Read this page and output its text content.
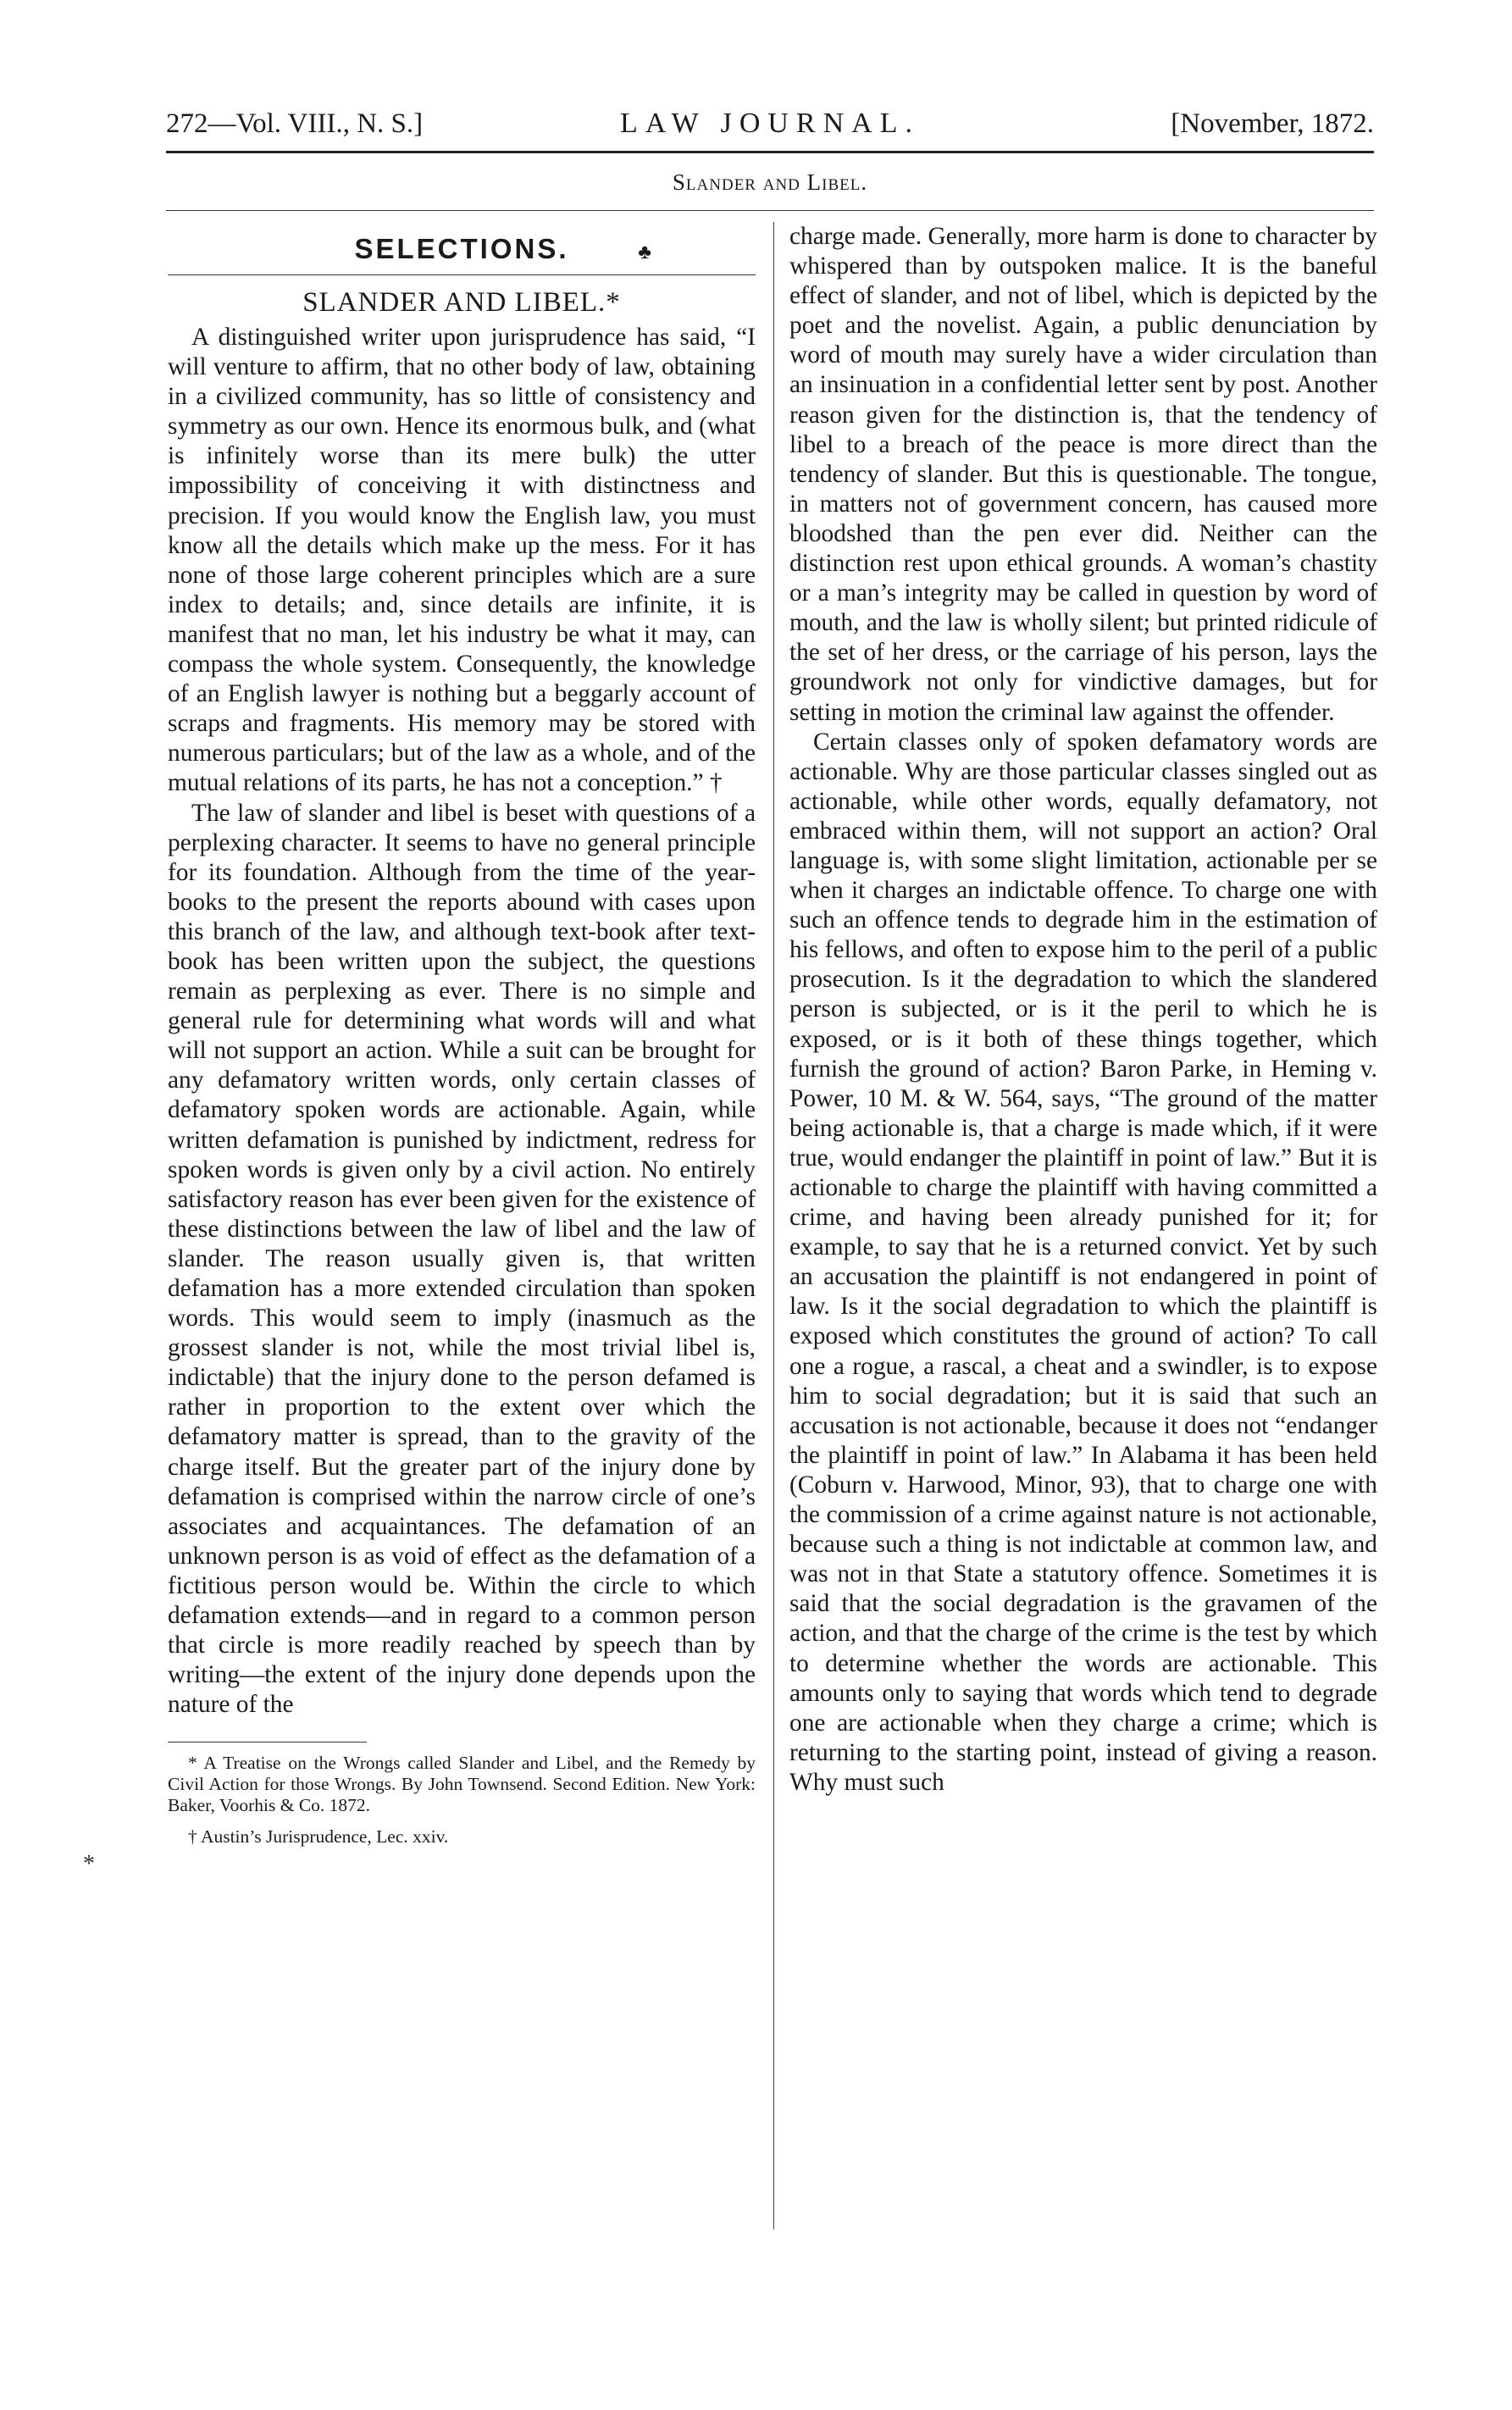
272—Vol. VIII., N. S.]	LAW JOURNAL.	[November, 1872.
Slander and Libel.
SELECTIONS.	♣
SLANDER AND LIBEL.*

A distinguished writer upon jurisprudence has said, “I will venture to affirm, that no other body of law, obtaining in a civilized community, has so little of consistency and symmetry as our own. Hence its enormous bulk, and (what is infinitely worse than its mere bulk) the utter impossibility of conceiving it with distinctness and precision. If you would know the English law, you must know all the details which make up the mess. For it has none of those large coherent principles which are a sure index to details; and, since details are infinite, it is manifest that no man, let his industry be what it may, can compass the whole system. Consequently, the knowledge of an English lawyer is nothing but a beggarly account of scraps and fragments. His memory may be stored with numerous particulars; but of the law as a whole, and of the mutual relations of its parts, he has not a conception.” †

The law of slander and libel is beset with questions of a perplexing character. It seems to have no general principle for its foundation. Although from the time of the year-books to the present the reports abound with cases upon this branch of the law, and although text-book after text-book has been written upon the subject, the questions remain as perplexing as ever. There is no simple and general rule for determining what words will and what will not support an action. While a suit can be brought for any defamatory written words, only certain classes of defamatory spoken words are actionable. Again, while written defamation is punished by indictment, redress for spoken words is given only by a civil action. No entirely satisfactory reason has ever been given for the existence of these distinctions between the law of libel and the law of slander. The reason usually given is, that written defamation has a more extended circulation than spoken words. This would seem to imply (inasmuch as the grossest slander is not, while the most trivial libel is, indictable) that the injury done to the person defamed is rather in proportion to the extent over which the defamatory matter is spread, than to the gravity of the charge itself. But the greater part of the injury done by defamation is comprised within the narrow circle of one’s associates and acquaintances. The defamation of an unknown person is as void of effect as the defamation of a fictitious person would be. Within the circle to which defamation extends—and in regard to a common person that circle is more readily reached by speech than by writing—the extent of the injury done depends upon the nature of the

* A Treatise on the Wrongs called Slander and Libel, and the Remedy by Civil Action for those Wrongs. By John Townsend. Second Edition. New York: Baker, Voorhis & Co. 1872.
† Austin’s Jurisprudence, Lec. xxiv.

charge made. Generally, more harm is done to character by whispered than by outspoken malice. It is the baneful effect of slander, and not of libel, which is depicted by the poet and the novelist. Again, a public denunciation by word of mouth may surely have a wider circulation than an insinuation in a confidential letter sent by post. Another reason given for the distinction is, that the tendency of libel to a breach of the peace is more direct than the tendency of slander. But this is questionable. The tongue, in matters not of government concern, has caused more bloodshed than the pen ever did. Neither can the distinction rest upon ethical grounds. A woman’s chastity or a man’s integrity may be called in question by word of mouth, and the law is wholly silent; but printed ridicule of the set of her dress, or the carriage of his person, lays the groundwork not only for vindictive damages, but for setting in motion the criminal law against the offender.

Certain classes only of spoken defamatory words are actionable. Why are those particular classes singled out as actionable, while other words, equally defamatory, not embraced within them, will not support an action? Oral language is, with some slight limitation, actionable per se when it charges an indictable offence. To charge one with such an offence tends to degrade him in the estimation of his fellows, and often to expose him to the peril of a public prosecution. Is it the degradation to which the slandered person is subjected, or is it the peril to which he is exposed, or is it both of these things together, which furnish the ground of action? Baron Parke, in Heming v. Power, 10 M. & W. 564, says, “The ground of the matter being actionable is, that a charge is made which, if it were true, would endanger the plaintiff in point of law.” But it is actionable to charge the plaintiff with having committed a crime, and having been already punished for it; for example, to say that he is a returned convict. Yet by such an accusation the plaintiff is not endangered in point of law. Is it the social degradation to which the plaintiff is exposed which constitutes the ground of action? To call one a rogue, a rascal, a cheat and a swindler, is to expose him to social degradation; but it is said that such an accusation is not actionable, because it does not “endanger the plaintiff in point of law.” In Alabama it has been held (Coburn v. Harwood, Minor, 93), that to charge one with the commission of a crime against nature is not actionable, because such a thing is not indictable at common law, and was not in that State a statutory offence. Sometimes it is said that the social degradation is the gravamen of the action, and that the charge of the crime is the test by which to determine whether the words are actionable. This amounts only to saying that words which tend to degrade one are actionable when they charge a crime; which is returning to the starting point, instead of giving a reason. Why must such

*
